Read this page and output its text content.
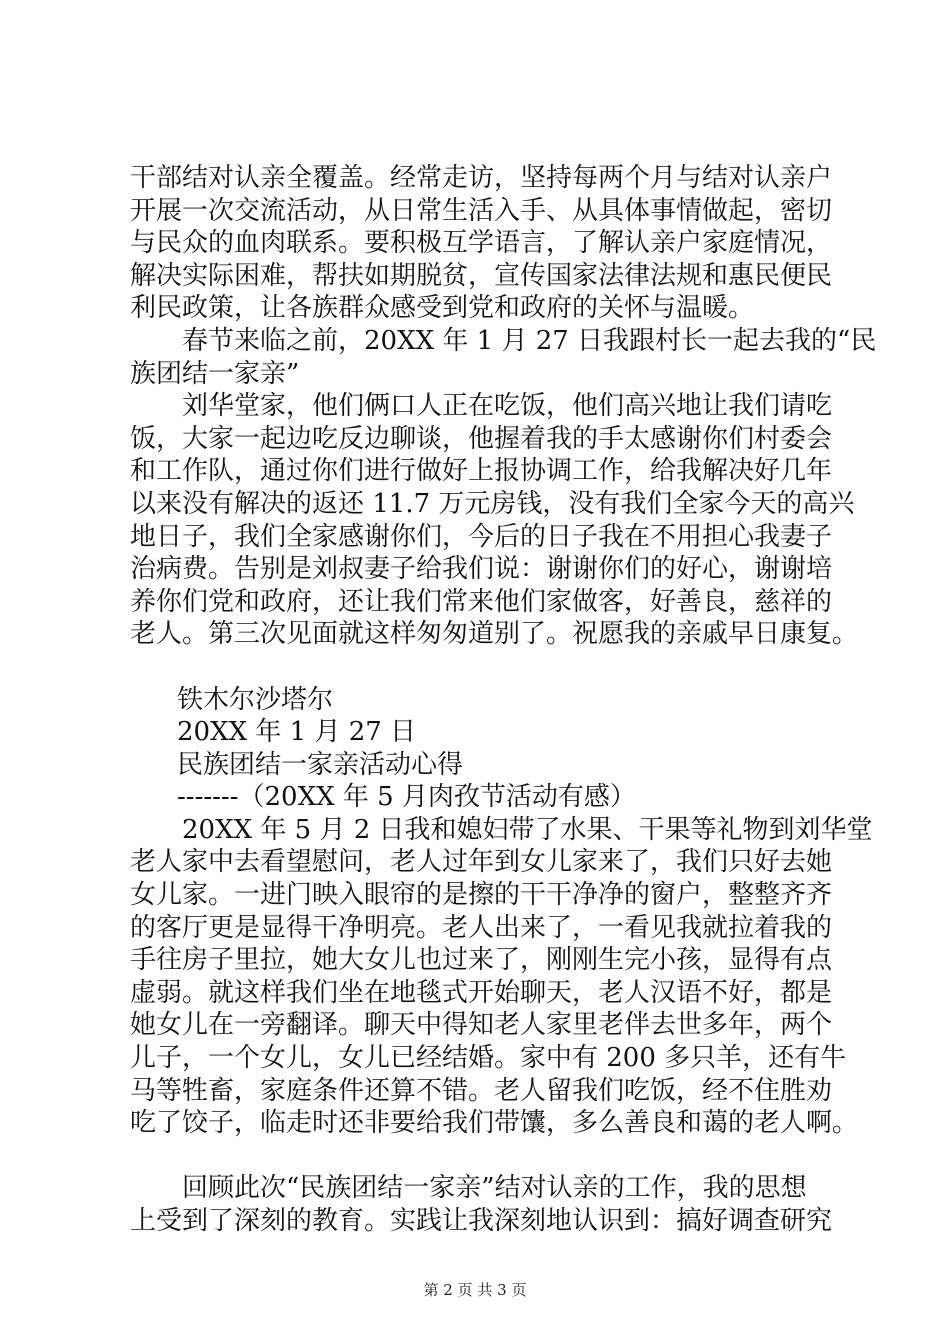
干部结对认亲全覆盖。经常走访，坚持每两个月与结对认亲户
开展一次交流活动，从日常生活入手、从具体事情做起，密切
与民众的血肉联系。要积极互学语言，了解认亲户家庭情况，
解决实际困难，帮扶如期脱贫，宣传国家法律法规和惠民便民
利民政策，让各族群众感受到党和政府的关怀与温暖。
春节来临之前，20XX 年 1 月 27 日我跟村长一起去我的“民
族团结一家亲”
刘华堂家，他们俩口人正在吃饭，他们高兴地让我们请吃
饭，大家一起边吃反边聊谈，他握着我的手太感谢你们村委会
和工作队，通过你们进行做好上报协调工作，给我解决好几年
以来没有解决的返还 11.7 万元房钱，没有我们全家今天的高兴
地日子，我们全家感谢你们，今后的日子我在不用担心我妻子
治病费。告别是刘叔妻子给我们说：谢谢你们的好心，谢谢培
养你们党和政府，还让我们常来他们家做客，好善良，慈祥的
老人。第三次见面就这样匆匆道别了。祝愿我的亲戚早日康复。
铁木尔沙塔尔
20XX 年 1 月 27 日
民族团结一家亲活动心得
-------（20XX 年 5 月肉孜节活动有感）
20XX 年 5 月 2 日我和媳妇带了水果、干果等礼物到刘华堂
老人家中去看望慰问，老人过年到女儿家来了，我们只好去她
女儿家。一进门映入眼帘的是擦的干干净净的窗户，整整齐齐
的客厅更是显得干净明亮。老人出来了，一看见我就拉着我的
手往房子里拉，她大女儿也过来了，刚刚生完小孩，显得有点
虚弱。就这样我们坐在地毯式开始聊天，老人汉语不好，都是
她女儿在一旁翻译。聊天中得知老人家里老伴去世多年，两个
儿子，一个女儿，女儿已经结婚。家中有 200 多只羊，还有牛
马等牲畜，家庭条件还算不错。老人留我们吃饭，经不住胜劝
吃了饺子，临走时还非要给我们带馕，多么善良和蔼的老人啊。
回顾此次“民族团结一家亲”结对认亲的工作，我的思想
上受到了深刻的教育。实践让我深刻地认识到：搞好调查研究
第 2 页 共 3 页
